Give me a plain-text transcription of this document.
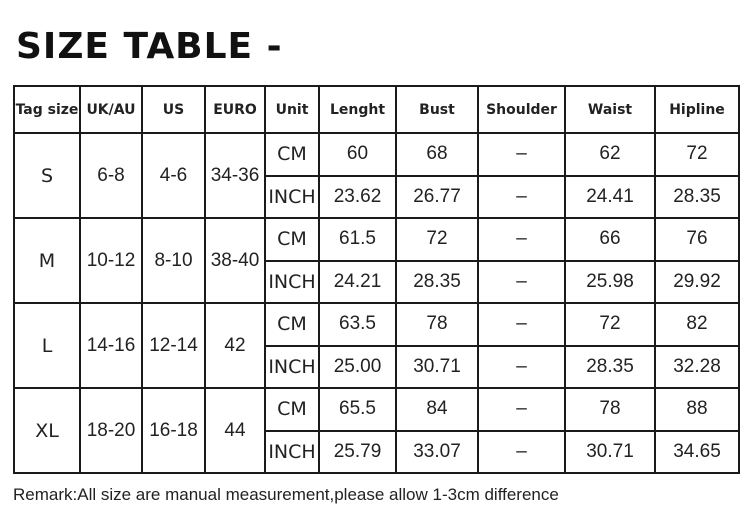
SIZE TABLE -
Tag size	UK/AU	US	EURO	Unit	Lenght	Bust	Shoulder	Waist	Hipline
S	6-8	4-6	34-36	CM	60	68	–	62	72
				INCH	23.62	26.77	–	24.41	28.35
M	10-12	8-10	38-40	CM	61.5	72	–	66	76
				INCH	24.21	28.35	–	25.98	29.92
L	14-16	12-14	42	CM	63.5	78	–	72	82
				INCH	25.00	30.71	–	28.35	32.28
XL	18-20	16-18	44	CM	65.5	84	–	78	88
				INCH	25.79	33.07	–	30.71	34.65
Remark:All size are manual measurement,please allow 1-3cm difference
